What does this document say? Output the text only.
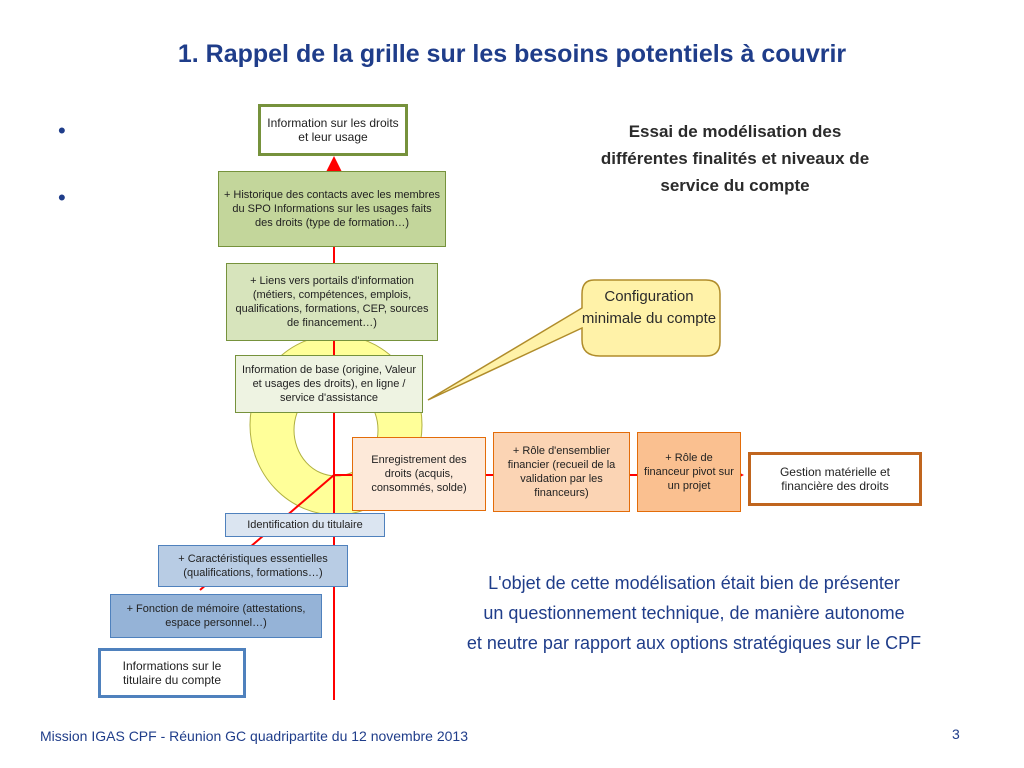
1. Rappel de la grille sur les besoins potentiels à couvrir
•
•
Information sur les droits et leur usage
+ Historique des contacts avec les membres du SPO Informations sur les usages faits des droits (type de formation…)
+ Liens vers portails d'information (métiers, compétences, emplois, qualifications, formations, CEP, sources de financement…)
Information de base (origine, Valeur et usages des droits), en ligne / service d'assistance
Identification du titulaire
+ Caractéristiques essentielles (qualifications, formations…)
+ Fonction de mémoire (attestations, espace personnel…)
Informations sur le titulaire du compte
Enregistrement des droits (acquis, consommés, solde)
+ Rôle d'ensemblier financier (recueil de la validation par les financeurs)
+ Rôle de financeur pivot sur un projet
Gestion matérielle et financière des droits
Essai de modélisation des différentes finalités et niveaux de service du compte
Configuration minimale du compte
L'objet de cette modélisation était bien de présenter
un questionnement technique, de manière autonome
et neutre par rapport aux options stratégiques sur le CPF
Mission IGAS CPF - Réunion GC quadripartite du 12 novembre 2013	3
